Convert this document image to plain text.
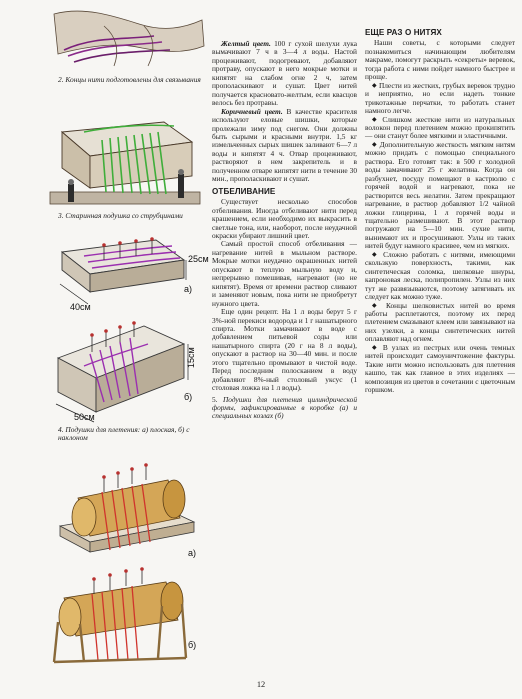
2. Концы нити подготовлены для связывания
3. Старинная подушка со струбцинами
40см
25см
а)
50см
15см
б)
4. Подушки для плетения: а) плоская, б) с наклоном
а)
б)

Желтый цвет. 100 г сухой шелухи лука вымачивают 7 ч в 3—4 л воды. Настой процеживают, подогревают, добавляют протраву, опускают в него мокрые мотки и кипятят на слабом огне 2 ч, затем прополаскивают и сушат. Цвет нитей получается красновато-желтым, если квасцов велось без протравы.

Коричневый цвет. В качестве красителя используют еловые шишки, которые пролежали зиму под снегом. Они должны быть сырыми и красными внутри. 1,5 кг измельченных сырых шишек заливают 6—7 л воды и кипятят 4 ч. Отвар процеживают, растворяют в нем закрепитель и в полученном отваре кипятят нити в течение 30 мин., прополаскивают и сушат.

ОТБЕЛИВАНИЕ

Существует несколько способов отбеливания. Иногда отбеливают нити перед крашением, если необходимо их выкрасить в светлые тона, или, наоборот, после неудачной окраски убирают лишний цвет.

Самый простой способ отбеливания — нагревание нитей в мыльном растворе. Мокрые мотки неудачно окрашенных нитей опускают в теплую мыльную воду и, непрерывно помешивая, нагревают (но не кипятят). Время от времени раствор сливают и заменяют новым, пока нити не приобретут нужного цвета.

Еще один рецепт. На 1 л воды берут 5 г 3%-ной перекиси водорода и 1 г нашатырного спирта. Мотки замачивают в воде с добавлением питьевой соды или нашатырного спирта (20 г на 8 л воды), опускают в раствор на 30—40 мин. и после этого тщательно промывают в чистой воде. Перед последним полосканием в воду добавляют 8%-ный столовый уксус (1 столовая ложка на 1 л воды).

5. Подушки для плетения цилиндрической формы, зафиксированные в коробке (а) и специальных козлах (б)

ЕЩЕ РАЗ О НИТЯХ

Наши советы, с которыми следует познакомиться начинающим любителям макраме, помогут раскрыть «секреты» веревок, тогда работа с ними пойдет намного быстрее и проще.

◆ Плести из жестких, грубых веревок трудно и неприятно, но если надеть тонкие трикотажные перчатки, то работать станет намного легче.

◆ Слишком жесткие нити из натуральных волокон перед плетением можно прокипятить — они станут более мягкими и эластичными.

◆ Дополнительную жесткость мягким нитям можно придать с помощью специального раствора. Его готовят так: в 500 г холодной воды замачивают 25 г желатина. Когда он разбухнет, посуду помещают в кастрюлю с горячей водой и нагревают, пока не растворится весь желатин. Затем прекращают нагревание, в раствор добавляют 1/2 чайной ложки глицерина, 1 л горячей воды и тщательно размешивают. В этот раствор погружают на 5—10 мин. сухие нити, вынимают их и просушивают. Узлы из таких нитей будут намного красивее, чем из мягких.

◆ Сложно работать с нитями, имеющими скользкую поверхность, такими, как синтетическая соломка, шелковые шнуры, капроновая леска, полипропилен. Узлы из них тут же развязываются, поэтому затягивать их следует как можно туже.

◆ Концы шелковистых нитей во время работы расплетаются, поэтому их перед плетением смазывают клеем или завязывают на них узелки, а концы синтетических нитей оплавляют над огнем.

◆ В узлах из пестрых или очень темных нитей происходит самоуничтожение фактуры. Такие нити можно использовать для плетения кашпо, так как главное в этих изделиях — композиция из цветов в сочетании с цветочным горшком.

12
